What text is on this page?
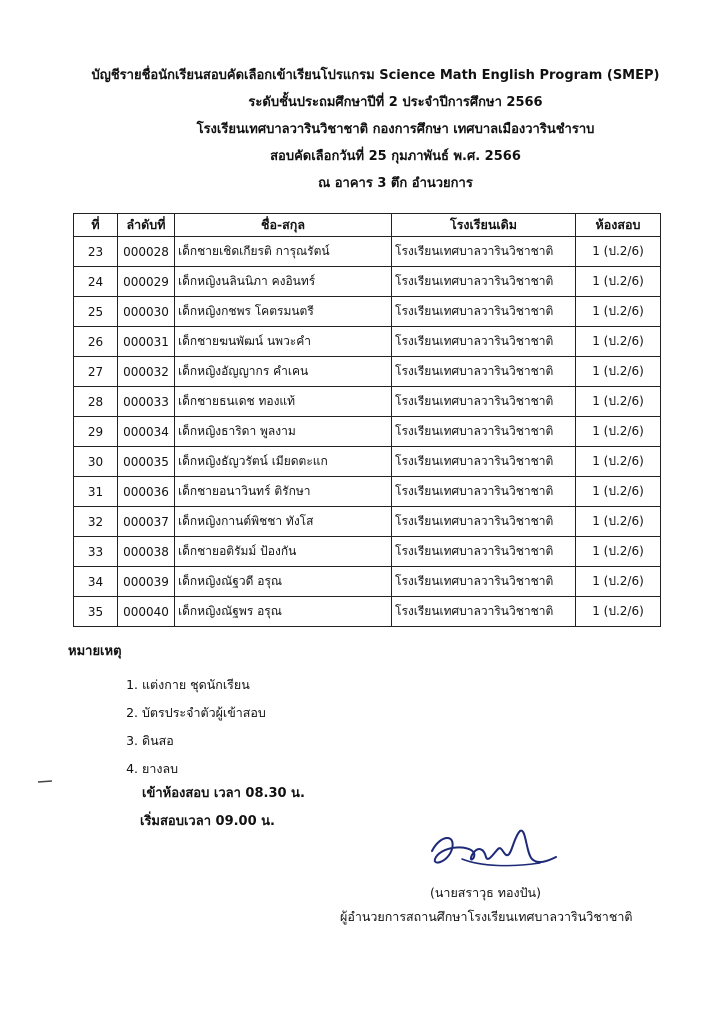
บัญชีรายชื่อนักเรียนสอบคัดเลือกเข้าเรียนโปรแกรม Science Math English Program (SMEP)
ระดับชั้นประถมศึกษาปีที่ 2 ประจำปีการศึกษา 2566
โรงเรียนเทศบาลวารินวิชาชาติ กองการศึกษา เทศบาลเมืองวารินชำราบ
สอบคัดเลือกวันที่ 25 กุมภาพันธ์ พ.ศ. 2566
ณ อาคาร 3 ตึก อำนวยการ
ที่	ลำดับที่	ชื่อ-สกุล	โรงเรียนเดิม	ห้องสอบ
23	000028	เด็กชายเชิดเกียรติ การุณรัตน์	โรงเรียนเทศบาลวารินวิชาชาติ	1 (ป.2/6)
24	000029	เด็กหญิงนลินนิภา คงอินทร์	โรงเรียนเทศบาลวารินวิชาชาติ	1 (ป.2/6)
25	000030	เด็กหญิงกชพร โคตรมนตรี	โรงเรียนเทศบาลวารินวิชาชาติ	1 (ป.2/6)
26	000031	เด็กชายฆนพัฒน์ นพวะคำ	โรงเรียนเทศบาลวารินวิชาชาติ	1 (ป.2/6)
27	000032	เด็กหญิงอัญญากร คำเคน	โรงเรียนเทศบาลวารินวิชาชาติ	1 (ป.2/6)
28	000033	เด็กชายธนเดช ทองแท้	โรงเรียนเทศบาลวารินวิชาชาติ	1 (ป.2/6)
29	000034	เด็กหญิงธาริดา พูลงาม	โรงเรียนเทศบาลวารินวิชาชาติ	1 (ป.2/6)
30	000035	เด็กหญิงธัญวรัตน์ เมียดตะแก	โรงเรียนเทศบาลวารินวิชาชาติ	1 (ป.2/6)
31	000036	เด็กชายอนาวินทร์ ติรักษา	โรงเรียนเทศบาลวารินวิชาชาติ	1 (ป.2/6)
32	000037	เด็กหญิงกานต์พิชชา ทังโส	โรงเรียนเทศบาลวารินวิชาชาติ	1 (ป.2/6)
33	000038	เด็กชายอติรัมม์ ป้องกัน	โรงเรียนเทศบาลวารินวิชาชาติ	1 (ป.2/6)
34	000039	เด็กหญิงณัฐวดี อรุณ	โรงเรียนเทศบาลวารินวิชาชาติ	1 (ป.2/6)
35	000040	เด็กหญิงณัฐพร อรุณ	โรงเรียนเทศบาลวารินวิชาชาติ	1 (ป.2/6)
หมายเหตุ
1. แต่งกาย ชุดนักเรียน
2. บัตรประจำตัวผู้เข้าสอบ
3. ดินสอ
4. ยางลบ
เข้าห้องสอบ เวลา 08.30 น.
เริ่มสอบเวลา 09.00 น.
(นายสราวุธ ทองปัน)
ผู้อำนวยการสถานศึกษาโรงเรียนเทศบาลวารินวิชาชาติ
